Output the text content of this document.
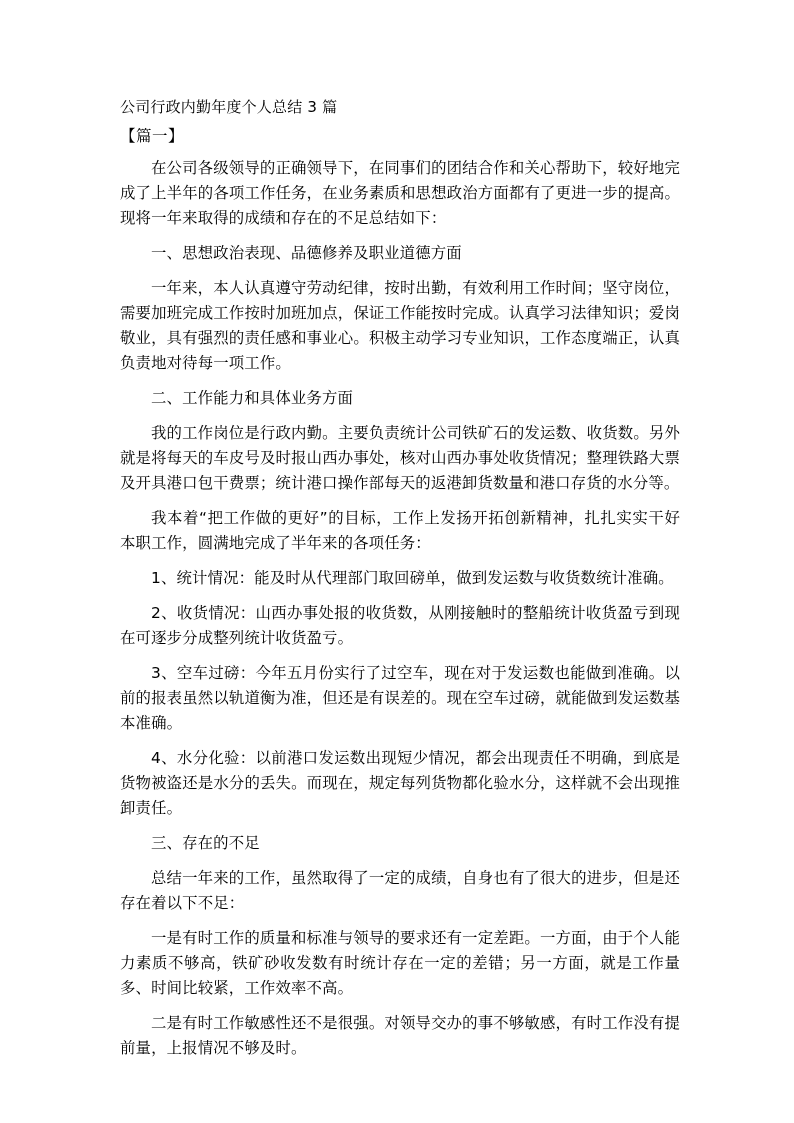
公司行政内勤年度个人总结 3 篇
【篇一】

在公司各级领导的正确领导下，在同事们的团结合作和关心帮助下，较好地完成了上半年的各项工作任务，在业务素质和思想政治方面都有了更进一步的提高。现将一年来取得的成绩和存在的不足总结如下：

一、思想政治表现、品德修养及职业道德方面

一年来，本人认真遵守劳动纪律，按时出勤，有效利用工作时间；坚守岗位，需要加班完成工作按时加班加点，保证工作能按时完成。认真学习法律知识；爱岗敬业，具有强烈的责任感和事业心。积极主动学习专业知识，工作态度端正，认真负责地对待每一项工作。

二、工作能力和具体业务方面

我的工作岗位是行政内勤。主要负责统计公司铁矿石的发运数、收货数。另外就是将每天的车皮号及时报山西办事处，核对山西办事处收货情况；整理铁路大票及开具港口包干费票；统计港口操作部每天的返港卸货数量和港口存货的水分等。

我本着“把工作做的更好”的目标，工作上发扬开拓创新精神，扎扎实实干好本职工作，圆满地完成了半年来的各项任务：

1、统计情况：能及时从代理部门取回磅单，做到发运数与收货数统计准确。

2、收货情况：山西办事处报的收货数，从刚接触时的整船统计收货盈亏到现在可逐步分成整列统计收货盈亏。

3、空车过磅：今年五月份实行了过空车，现在对于发运数也能做到准确。以前的报表虽然以轨道衡为准，但还是有误差的。现在空车过磅，就能做到发运数基本准确。

4、水分化验：以前港口发运数出现短少情况，都会出现责任不明确，到底是货物被盗还是水分的丢失。而现在，规定每列货物都化验水分，这样就不会出现推卸责任。

三、存在的不足

总结一年来的工作，虽然取得了一定的成绩，自身也有了很大的进步，但是还存在着以下不足：

一是有时工作的质量和标准与领导的要求还有一定差距。一方面，由于个人能力素质不够高，铁矿砂收发数有时统计存在一定的差错；另一方面，就是工作量多、时间比较紧，工作效率不高。

二是有时工作敏感性还不是很强。对领导交办的事不够敏感，有时工作没有提前量，上报情况不够及时。
